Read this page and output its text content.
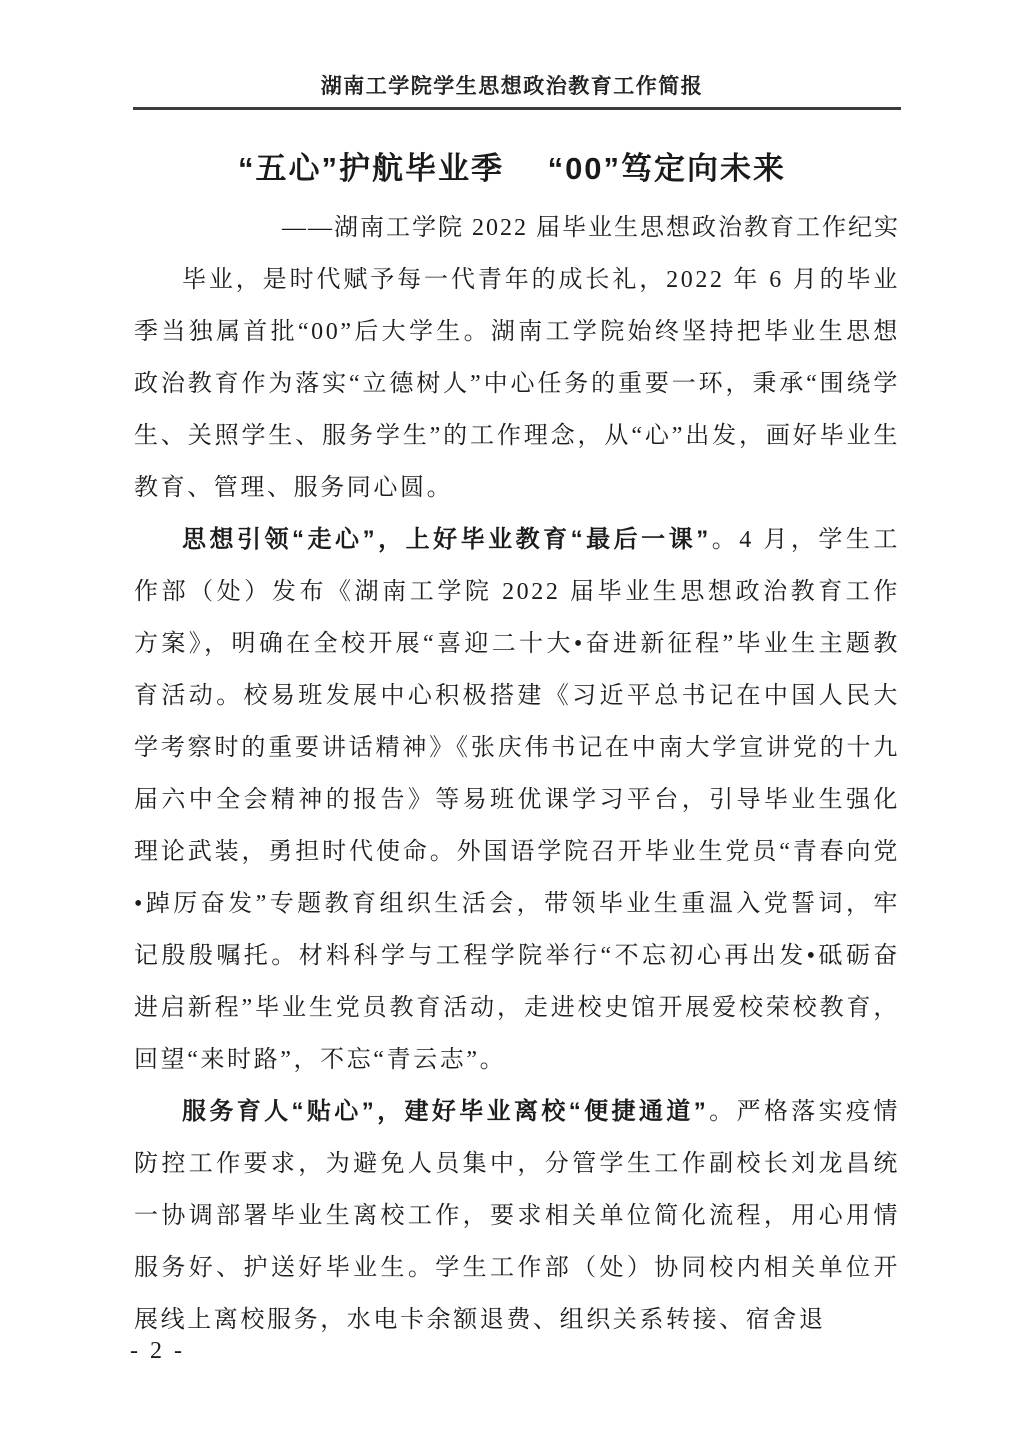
湖南工学院学生思想政治教育工作简报
“五心”护航毕业季　 “00”笃定向未来
——湖南工学院 2022 届毕业生思想政治教育工作纪实

毕业，是时代赋予每一代青年的成长礼，2022 年 6 月的毕业季当独属首批“00”后大学生。湖南工学院始终坚持把毕业生思想政治教育作为落实“立德树人”中心任务的重要一环，秉承“围绕学生、关照学生、服务学生”的工作理念，从“心”出发，画好毕业生教育、管理、服务同心圆。

思想引领“走心”，上好毕业教育“最后一课”。4 月，学生工作部（处）发布《湖南工学院 2022 届毕业生思想政治教育工作方案》，明确在全校开展“喜迎二十大•奋进新征程”毕业生主题教育活动。校易班发展中心积极搭建《习近平总书记在中国人民大学考察时的重要讲话精神》《张庆伟书记在中南大学宣讲党的十九届六中全会精神的报告》等易班优课学习平台，引导毕业生强化理论武装，勇担时代使命。外国语学院召开毕业生党员“青春向党•踔厉奋发”专题教育组织生活会，带领毕业生重温入党誓词，牢记殷殷嘱托。材料科学与工程学院举行“不忘初心再出发•砥砺奋进启新程”毕业生党员教育活动，走进校史馆开展爱校荣校教育，回望“来时路”，不忘“青云志”。

服务育人“贴心”，建好毕业离校“便捷通道”。严格落实疫情防控工作要求，为避免人员集中，分管学生工作副校长刘龙昌统一协调部署毕业生离校工作，要求相关单位简化流程，用心用情服务好、护送好毕业生。学生工作部（处）协同校内相关单位开展线上离校服务，水电卡余额退费、组织关系转接、宿舍退

- 2 -
